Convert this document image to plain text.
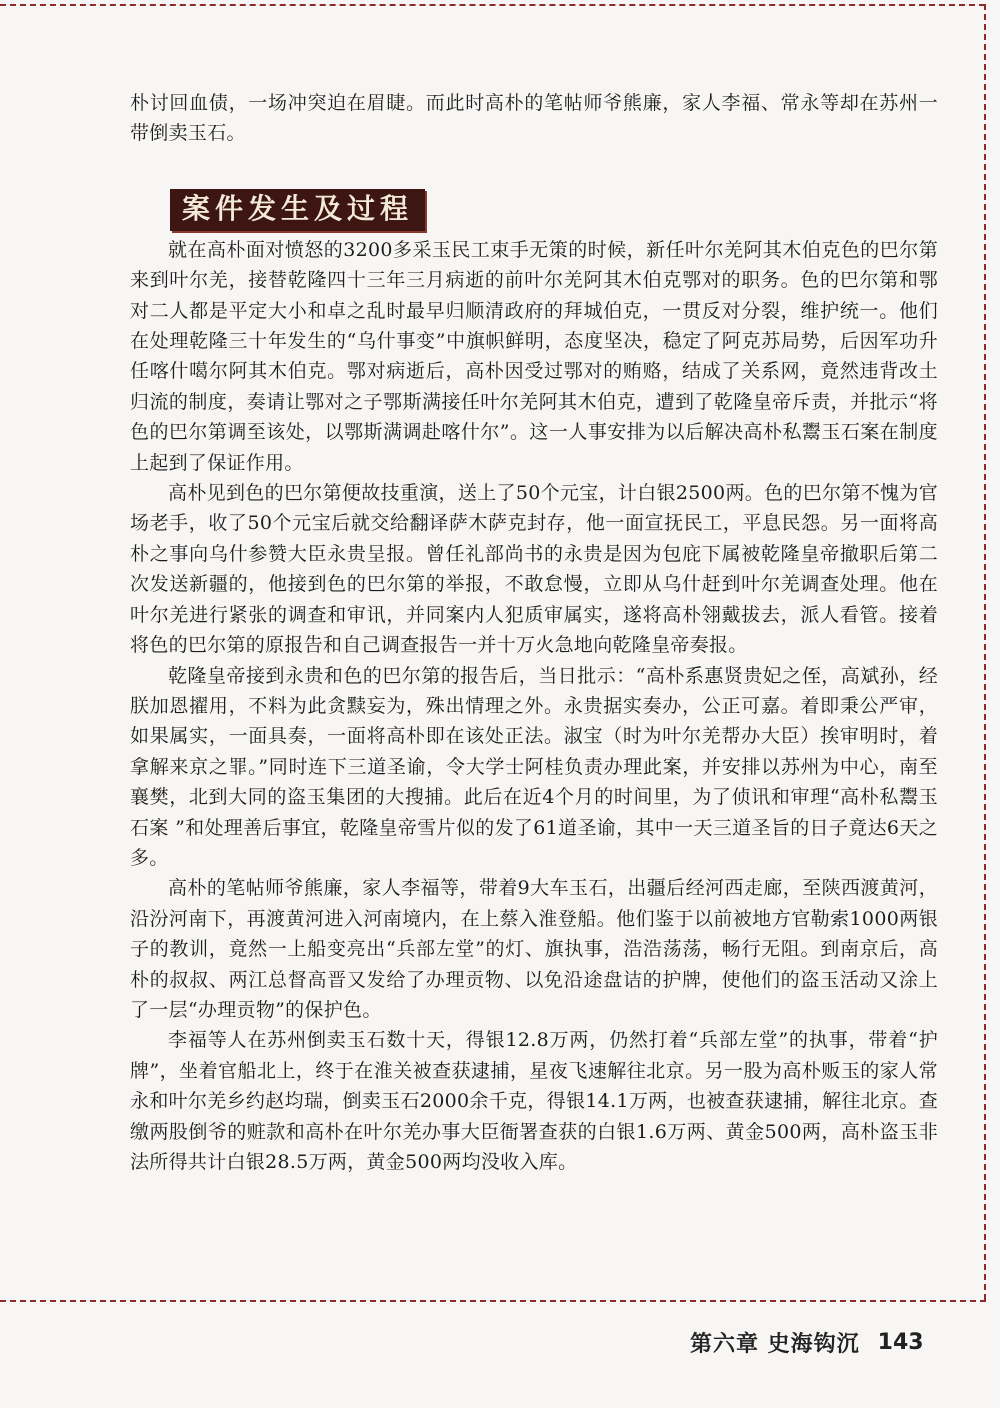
朴讨回血债，一场冲突迫在眉睫。而此时高朴的笔帖师爷熊廉，家人李福、常永等却在苏州一带倒卖玉石。

案件发生及过程

就在高朴面对愤怒的3200多采玉民工束手无策的时候，新任叶尔羌阿其木伯克色的巴尔第来到叶尔羌，接替乾隆四十三年三月病逝的前叶尔羌阿其木伯克鄂对的职务。色的巴尔第和鄂对二人都是平定大小和卓之乱时最早归顺清政府的拜城伯克，一贯反对分裂，维护统一。他们在处理乾隆三十年发生的“乌什事变”中旗帜鲜明，态度坚决，稳定了阿克苏局势，后因军功升任喀什噶尔阿其木伯克。鄂对病逝后，高朴因受过鄂对的贿赂，结成了关系网，竟然违背改土归流的制度，奏请让鄂对之子鄂斯满接任叶尔羌阿其木伯克，遭到了乾隆皇帝斥责，并批示“将色的巴尔第调至该处，以鄂斯满调赴喀什尔”。这一人事安排为以后解决高朴私鬻玉石案在制度上起到了保证作用。

高朴见到色的巴尔第便故技重演，送上了50个元宝，计白银2500两。色的巴尔第不愧为官场老手，收了50个元宝后就交给翻译萨木萨克封存，他一面宣抚民工，平息民怨。另一面将高朴之事向乌什参赞大臣永贵呈报。曾任礼部尚书的永贵是因为包庇下属被乾隆皇帝撤职后第二次发送新疆的，他接到色的巴尔第的举报，不敢怠慢，立即从乌什赶到叶尔羌调查处理。他在叶尔羌进行紧张的调查和审讯，并同案内人犯质审属实，遂将高朴翎戴拔去，派人看管。接着将色的巴尔第的原报告和自己调查报告一并十万火急地向乾隆皇帝奏报。

乾隆皇帝接到永贵和色的巴尔第的报告后，当日批示：“高朴系惠贤贵妃之侄，高斌孙，经朕加恩擢用，不料为此贪黩妄为，殊出情理之外。永贵据实奏办，公正可嘉。着即秉公严审，如果属实，一面具奏，一面将高朴即在该处正法。淑宝（时为叶尔羌帮办大臣）挨审明时，着拿解来京之罪。”同时连下三道圣谕，令大学士阿桂负责办理此案，并安排以苏州为中心，南至襄樊，北到大同的盗玉集团的大搜捕。此后在近4个月的时间里，为了侦讯和审理“高朴私鬻玉石案 ”和处理善后事宜，乾隆皇帝雪片似的发了61道圣谕，其中一天三道圣旨的日子竟达6天之多。

高朴的笔帖师爷熊廉，家人李福等，带着9大车玉石，出疆后经河西走廊，至陕西渡黄河，沿汾河南下，再渡黄河进入河南境内，在上蔡入淮登船。他们鉴于以前被地方官勒索1000两银子的教训，竟然一上船变亮出“兵部左堂”的灯、旗执事，浩浩荡荡，畅行无阻。到南京后，高朴的叔叔、两江总督高晋又发给了办理贡物、以免沿途盘诘的护牌，使他们的盗玉活动又涂上了一层“办理贡物”的保护色。

李福等人在苏州倒卖玉石数十天，得银12.8万两，仍然打着“兵部左堂”的执事，带着“护牌”，坐着官船北上，终于在淮关被查获逮捕，星夜飞速解往北京。另一股为高朴贩玉的家人常永和叶尔羌乡约赵均瑞，倒卖玉石2000余千克，得银14.1万两，也被查获逮捕，解往北京。查缴两股倒爷的赃款和高朴在叶尔羌办事大臣衙署查获的白银1.6万两、黄金500两，高朴盗玉非法所得共计白银28.5万两，黄金500两均没收入库。

第六章 史海钩沉 143
